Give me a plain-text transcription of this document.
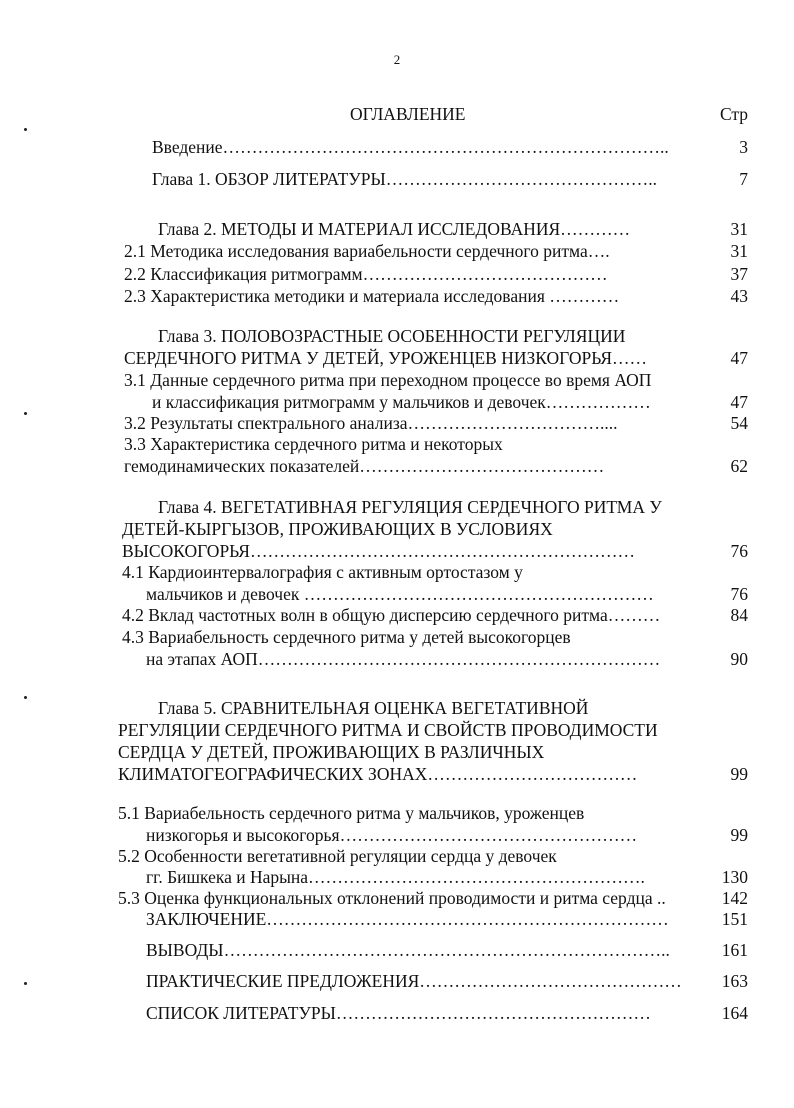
2
ОГЛАВЛЕНИЕ	Стр
Введение…………………………………………………………………..	3
Глава 1. ОБЗОР ЛИТЕРАТУРЫ………………………………………..	7
Глава 2. МЕТОДЫ И МАТЕРИАЛ ИССЛЕДОВАНИЯ…………	31
2.1 Методика исследования вариабельности сердечного ритма….	31
2.2 Классификация ритмограмм……………………………………	37
2.3 Характеристика методики и материала исследования …………	43
Глава 3. ПОЛОВОЗРАСТНЫЕ ОСОБЕННОСТИ РЕГУЛЯЦИИ
СЕРДЕЧНОГО РИТМА У ДЕТЕЙ, УРОЖЕНЦЕВ НИЗКОГОРЬЯ……	47
3.1 Данные сердечного ритма при переходном процессе во время АОП
и классификация ритмограмм у мальчиков и девочек………………	47
3.2 Результаты спектрального анализа……………………………....	54
3.3 Характеристика сердечного ритма и некоторых
гемодинамических показателей……………………………………	62
Глава 4. ВЕГЕТАТИВНАЯ РЕГУЛЯЦИЯ СЕРДЕЧНОГО РИТМА У
ДЕТЕЙ-КЫРГЫЗОВ, ПРОЖИВАЮЩИХ В УСЛОВИЯХ
ВЫСОКОГОРЬЯ…………………………………………………………	76
4.1 Кардиоинтервалография с активным ортостазом у
мальчиков и девочек ……………………………………………………	76
4.2 Вклад частотных волн в общую дисперсию сердечного ритма………	84
4.3 Вариабельность сердечного ритма у детей высокогорцев
на этапах АОП……………………………………………………………	90
Глава 5. СРАВНИТЕЛЬНАЯ ОЦЕНКА ВЕГЕТАТИВНОЙ
РЕГУЛЯЦИИ СЕРДЕЧНОГО РИТМА И СВОЙСТВ ПРОВОДИМОСТИ
СЕРДЦА У ДЕТЕЙ, ПРОЖИВАЮЩИХ В РАЗЛИЧНЫХ
КЛИМАТОГЕОГРАФИЧЕСКИХ ЗОНАХ………………………………	99
5.1 Вариабельность сердечного ритма у мальчиков, уроженцев
низкогорья и высокогорья……………………………………………	99
5.2 Особенности вегетативной регуляции сердца у девочек
гг. Бишкека и Нарына………………………………………………….	130
5.3 Оценка функциональных отклонений проводимости и ритма сердца ..	142
ЗАКЛЮЧЕНИЕ……………………………………………………………	151
ВЫВОДЫ…………………………………………………………………..	161
ПРАКТИЧЕСКИЕ ПРЕДЛОЖЕНИЯ………………………………………	163
СПИСОК ЛИТЕРАТУРЫ………………………………………………	164
